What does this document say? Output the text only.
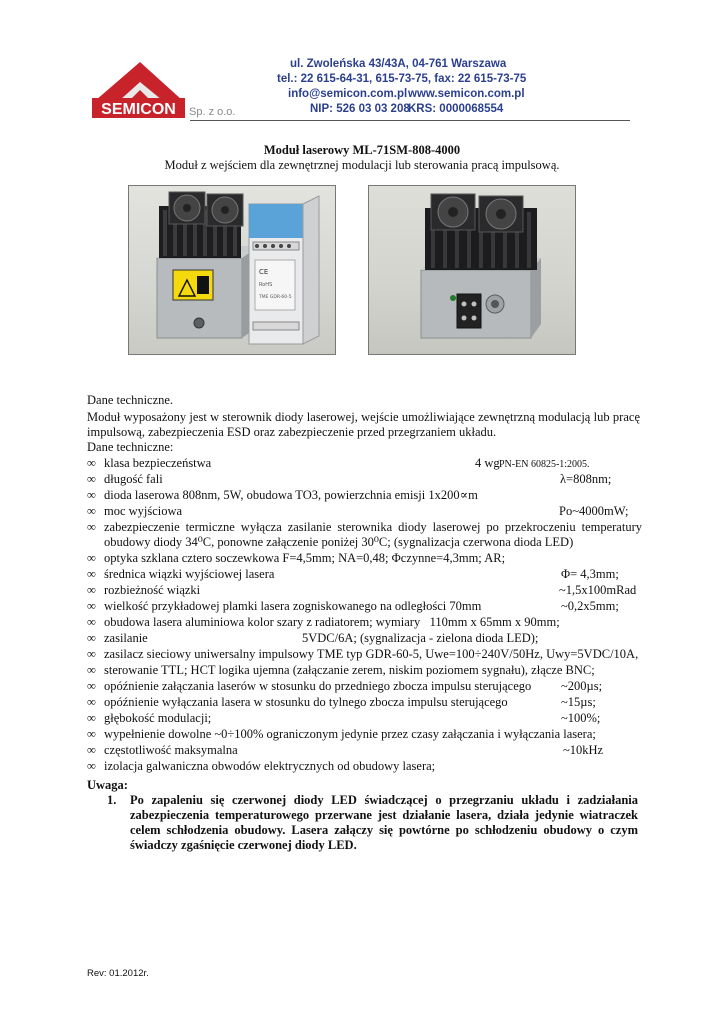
SEMICON Sp. z o.o.
ul. Zwoleńska 43/43A, 04-761 Warszawa
tel.: 22 615-64-31, 615-73-75, fax: 22 615-73-75
info@semicon.com.pl www.semicon.com.pl
NIP: 526 03 03 208
KRS: 0000068554
Moduł laserowy ML-71SM-808-4000
Moduł z wejściem dla zewnętrznej modulacji lub sterowania pracą impulsową.
CE
RoHS
TME GDR-60-5
Dane techniczne.
Moduł wyposażony jest w sterownik diody laserowej, wejście umożliwiające zewnętrzną modulacją lub pracę impulsową, zabezpieczenia ESD oraz zabezpieczenie przed przegrzaniem układu.
Dane techniczne:
∞ klasa bezpieczeństwa	4 wg PN-EN 60825-1:2005.
∞ długość fali	λ=808nm;
∞ dioda laserowa 808nm, 5W, obudowa TO3, powierzchnia emisji 1x200∝m
∞ moc wyjściowa	Po~4000mW;
∞ zabezpieczenie termiczne wyłącza zasilanie sterownika diody laserowej po przekroczeniu temperatury obudowy diody 34⁰C, ponowne załączenie poniżej 30⁰C; (sygnalizacja czerwona dioda LED)
∞ optyka szklana cztero soczewkowa F=4,5mm; NA=0,48; Φczynne=4,3mm; AR;
∞ średnica wiązki wyjściowej lasera	Φ= 4,3mm;
∞ rozbieżność wiązki	~1,5x100mRad
∞ wielkość przykładowej plamki lasera zogniskowanego na odległości 70mm	~0,2x5mm;
∞ obudowa lasera aluminiowa kolor szary z radiatorem; wymiary   110mm x 65mm x 90mm;
∞ zasilanie	5VDC/6A; (sygnalizacja - zielona dioda LED);
∞ zasilacz sieciowy uniwersalny impulsowy TME typ GDR-60-5, Uwe=100÷240V/50Hz, Uwy=5VDC/10A,
∞ sterowanie TTL; HCT logika ujemna (załączanie zerem, niskim poziomem sygnału), złącze BNC;
∞ opóźnienie załączania laserów w stosunku do przedniego zbocza impulsu sterującego ~200µs;
∞ opóźnienie wyłączania lasera w stosunku do tylnego zbocza impulsu sterującego	~15µs;
∞ głębokość modulacji;	~100%;
∞ wypełnienie dowolne ~0÷100% ograniczonym jedynie przez czasy załączania i wyłączania lasera;
∞ częstotliwość maksymalna	~10kHz
∞ izolacja galwaniczna obwodów elektrycznych od obudowy lasera;
Uwaga:
1. Po zapaleniu się czerwonej diody LED świadczącej o przegrzaniu układu i zadziałania zabezpieczenia temperaturowego przerwane jest działanie lasera, działa jedynie wiatraczek celem schłodzenia obudowy. Lasera załączy się powtórne po schłodzeniu obudowy o czym świadczy zgaśnięcie czerwonej diody LED.
Rev: 01.2012r.
